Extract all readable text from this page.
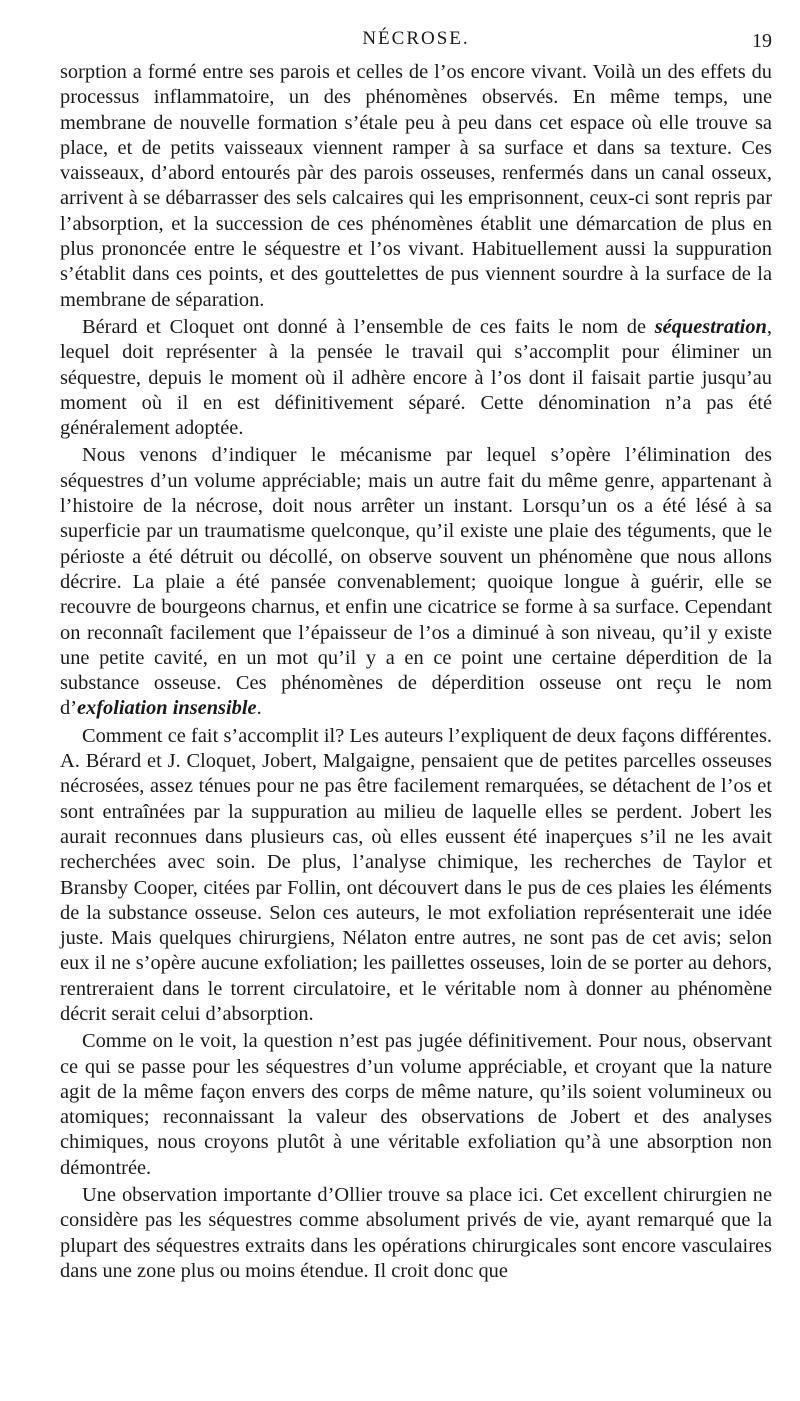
NÉCROSE.	19

sorption a formé entre ses parois et celles de l’os encore vivant. Voilà un des effets du processus inflammatoire, un des phénomènes observés. En même temps, une membrane de nouvelle formation s’étale peu à peu dans cet espace où elle trouve sa place, et de petits vaisseaux viennent ramper à sa surface et dans sa texture. Ces vaisseaux, d’abord entourés pàr des parois osseuses, renfermés dans un canal osseux, arrivent à se débarrasser des sels calcaires qui les emprisonnent, ceux-ci sont repris par l’absorption, et la succession de ces phénomènes établit une démarcation de plus en plus prononcée entre le séquestre et l’os vivant. Habituellement aussi la suppuration s’établit dans ces points, et des gouttelettes de pus viennent sourdre à la surface de la membrane de séparation.

Bérard et Cloquet ont donné à l’ensemble de ces faits le nom de séquestration, lequel doit représenter à la pensée le travail qui s’accomplit pour éliminer un séquestre, depuis le moment où il adhère encore à l’os dont il faisait partie jusqu’au moment où il en est définitivement séparé. Cette dénomination n’a pas été généralement adoptée.

Nous venons d’indiquer le mécanisme par lequel s’opère l’élimination des séquestres d’un volume appréciable; mais un autre fait du même genre, appartenant à l’histoire de la nécrose, doit nous arrêter un instant. Lorsqu’un os a été lésé à sa superficie par un traumatisme quelconque, qu’il existe une plaie des téguments, que le périoste a été détruit ou décollé, on observe souvent un phénomène que nous allons décrire. La plaie a été pansée convenablement; quoique longue à guérir, elle se recouvre de bourgeons charnus, et enfin une cicatrice se forme à sa surface. Cependant on reconnaît facilement que l’épaisseur de l’os a diminué à son niveau, qu’il y existe une petite cavité, en un mot qu’il y a en ce point une certaine déperdition de la substance osseuse. Ces phénomènes de déperdition osseuse ont reçu le nom d’exfoliation insensible.

Comment ce fait s’accomplit il? Les auteurs l’expliquent de deux façons différentes. A. Bérard et J. Cloquet, Jobert, Malgaigne, pensaient que de petites parcelles osseuses nécrosées, assez ténues pour ne pas être facilement remarquées, se détachent de l’os et sont entraînées par la suppuration au milieu de laquelle elles se perdent. Jobert les aurait reconnues dans plusieurs cas, où elles eussent été inaperçues s’il ne les avait recherchées avec soin. De plus, l’analyse chimique, les recherches de Taylor et Bransby Cooper, citées par Follin, ont découvert dans le pus de ces plaies les éléments de la substance osseuse. Selon ces auteurs, le mot exfoliation représenterait une idée juste. Mais quelques chirurgiens, Nélaton entre autres, ne sont pas de cet avis; selon eux il ne s’opère aucune exfoliation; les paillettes osseuses, loin de se porter au dehors, rentreraient dans le torrent circulatoire, et le véritable nom à donner au phénomène décrit serait celui d’absorption.

Comme on le voit, la question n’est pas jugée définitivement. Pour nous, observant ce qui se passe pour les séquestres d’un volume appréciable, et croyant que la nature agit de la même façon envers des corps de même nature, qu’ils soient volumineux ou atomiques; reconnaissant la valeur des observations de Jobert et des analyses chimiques, nous croyons plutôt à une véritable exfoliation qu’à une absorption non démontrée.

Une observation importante d’Ollier trouve sa place ici. Cet excellent chirurgien ne considère pas les séquestres comme absolument privés de vie, ayant remarqué que la plupart des séquestres extraits dans les opérations chirurgicales sont encore vasculaires dans une zone plus ou moins étendue. Il croit donc que
